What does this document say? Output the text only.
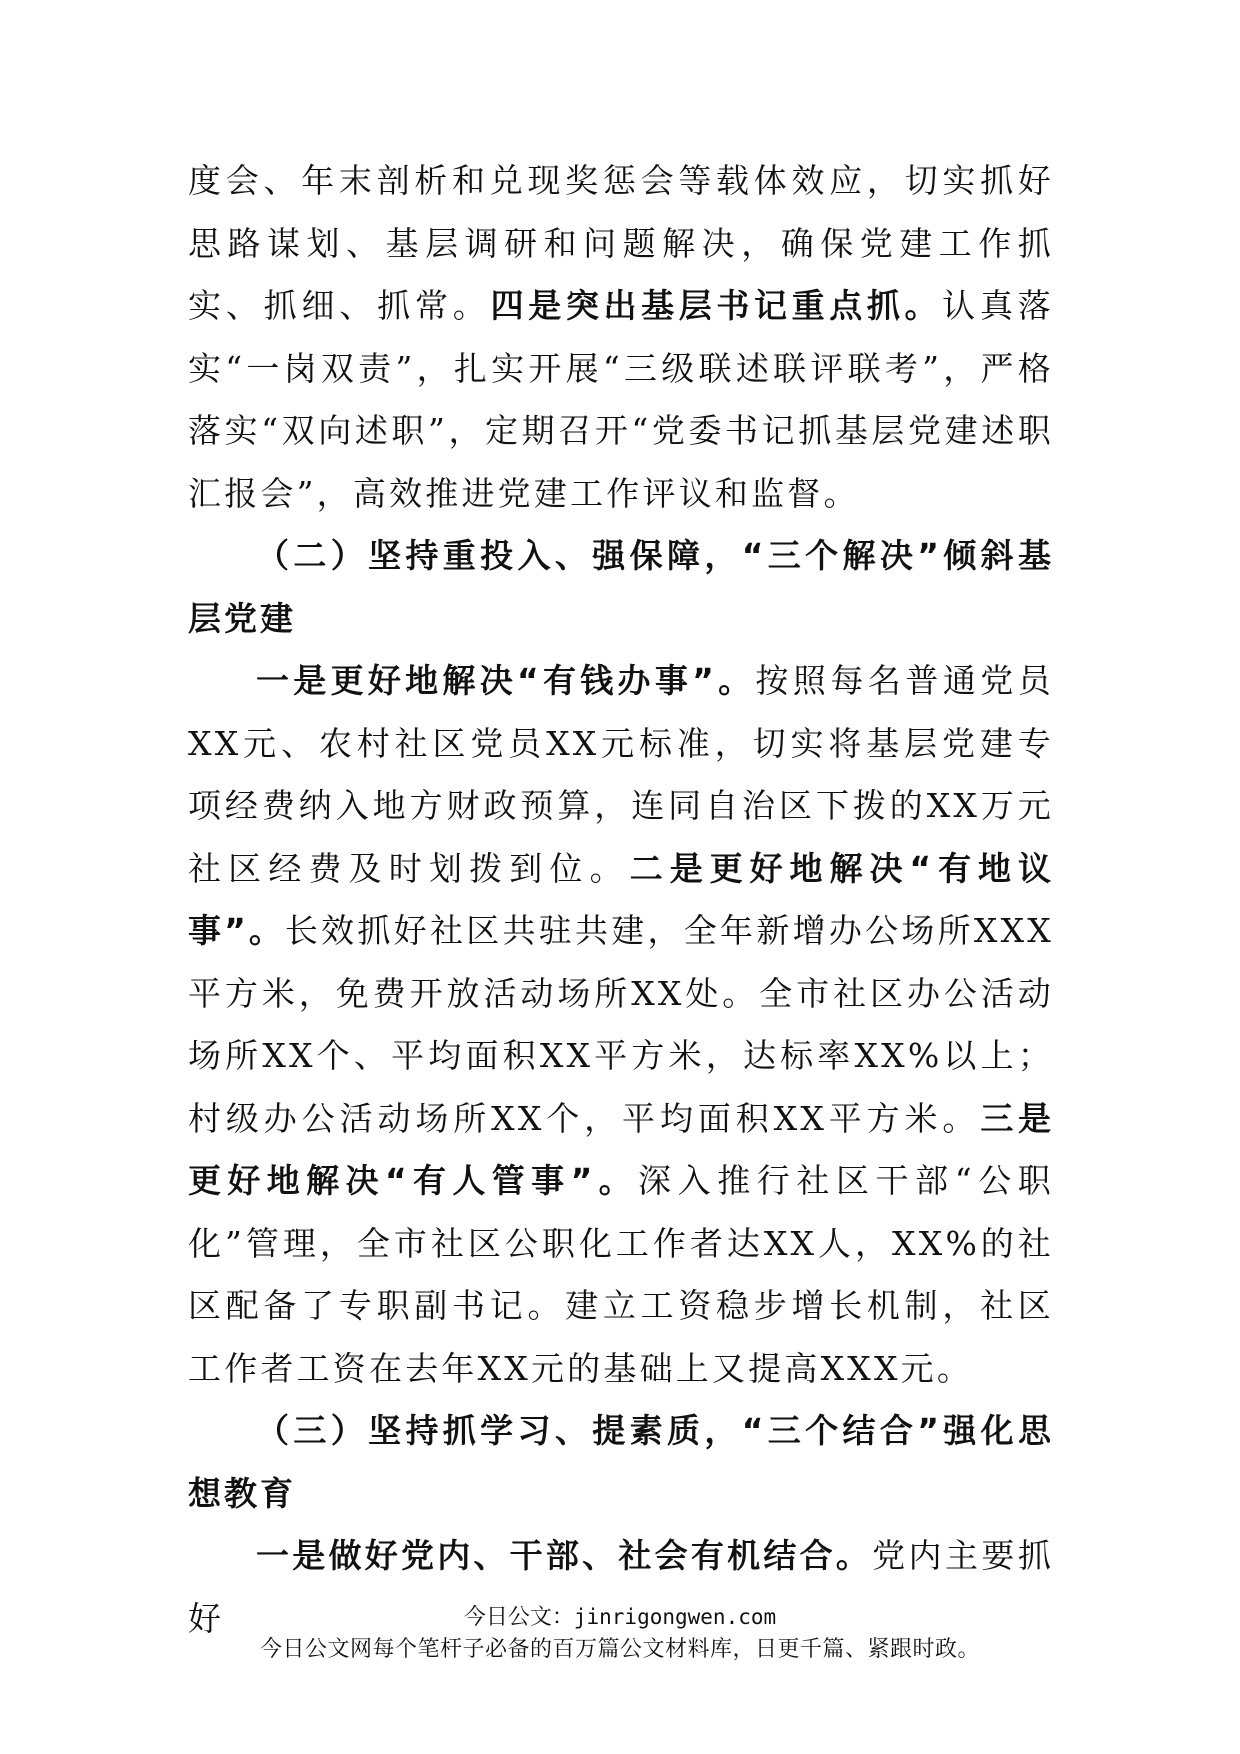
度会、年末剖析和兑现奖惩会等载体效应，切实抓好思路谋划、基层调研和问题解决，确保党建工作抓实、抓细、抓常。四是突出基层书记重点抓。认真落实“一岗双责”，扎实开展“三级联述联评联考”，严格落实“双向述职”，定期召开“党委书记抓基层党建述职汇报会”，高效推进党建工作评议和监督。

（二）坚持重投入、强保障，“三个解决”倾斜基层党建

一是更好地解决“有钱办事”。按照每名普通党员XX元、农村社区党员XX元标准，切实将基层党建专项经费纳入地方财政预算，连同自治区下拨的XX万元社区经费及时划拨到位。二是更好地解决“有地议事”。长效抓好社区共驻共建，全年新增办公场所XXX平方米，免费开放活动场所XX处。全市社区办公活动场所XX个、平均面积XX平方米，达标率XX%以上；村级办公活动场所XX个，平均面积XX平方米。三是更好地解决“有人管事”。深入推行社区干部“公职化”管理，全市社区公职化工作者达XX人，XX%的社区配备了专职副书记。建立工资稳步增长机制，社区工作者工资在去年XX元的基础上又提高XXX元。

（三）坚持抓学习、提素质，“三个结合”强化思想教育

一是做好党内、干部、社会有机结合。党内主要抓好	今日公文：jinrigongwen.com
今日公文网每个笔杆子必备的百万篇公文材料库，日更千篇、紧跟时政。
